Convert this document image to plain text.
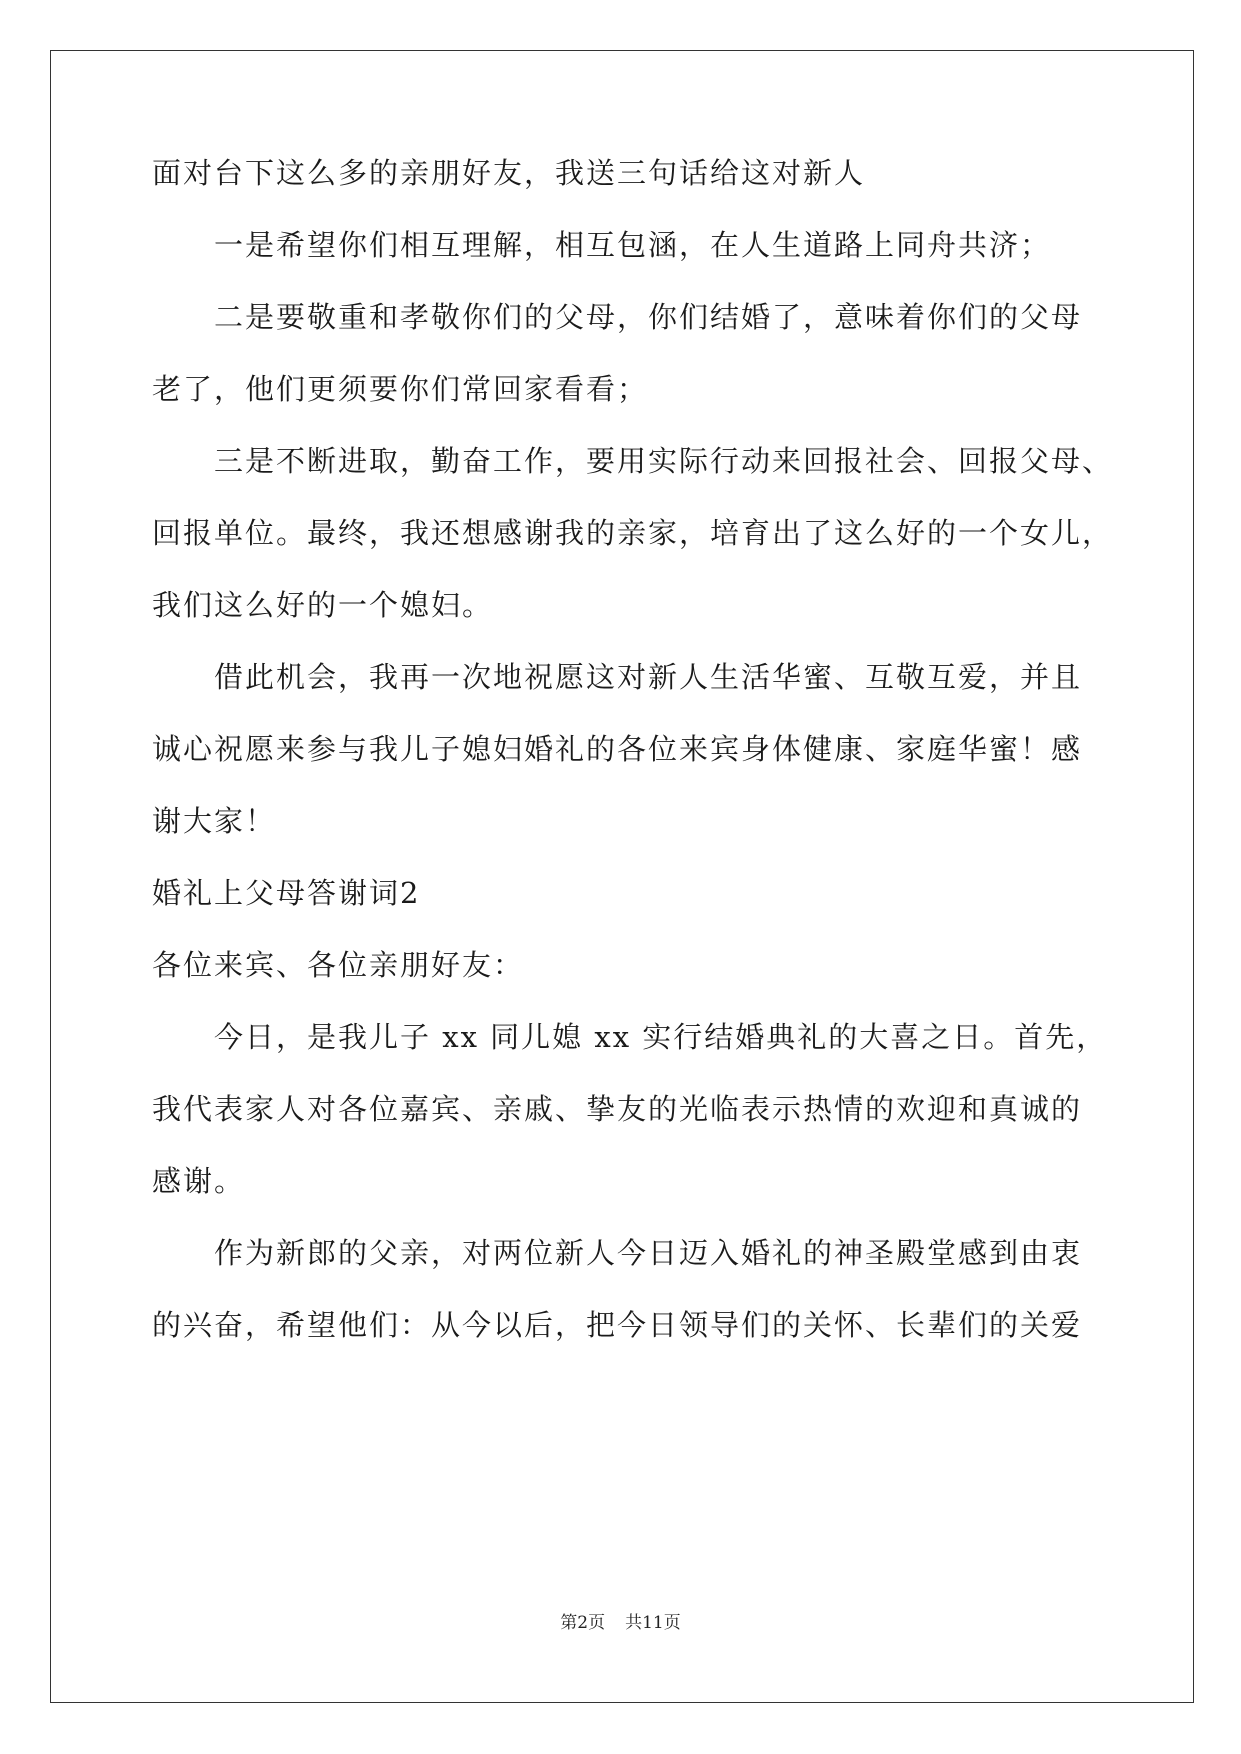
面对台下这么多的亲朋好友，我送三句话给这对新人
一是希望你们相互理解，相互包涵，在人生道路上同舟共济；
二是要敬重和孝敬你们的父母，你们结婚了，意味着你们的父母
老了，他们更须要你们常回家看看；
三是不断进取，勤奋工作，要用实际行动来回报社会、回报父母、
回报单位。最终，我还想感谢我的亲家，培育出了这么好的一个女儿，
我们这么好的一个媳妇。
借此机会，我再一次地祝愿这对新人生活华蜜、互敬互爱，并且
诚心祝愿来参与我儿子媳妇婚礼的各位来宾身体健康、家庭华蜜！感
谢大家！
婚礼上父母答谢词2
各位来宾、各位亲朋好友：
今日，是我儿子 xx 同儿媳 xx 实行结婚典礼的大喜之日。首先，
我代表家人对各位嘉宾、亲戚、挚友的光临表示热情的欢迎和真诚的
感谢。
作为新郎的父亲，对两位新人今日迈入婚礼的神圣殿堂感到由衷
的兴奋，希望他们：从今以后，把今日领导们的关怀、长辈们的关爱
第2页 共11页
